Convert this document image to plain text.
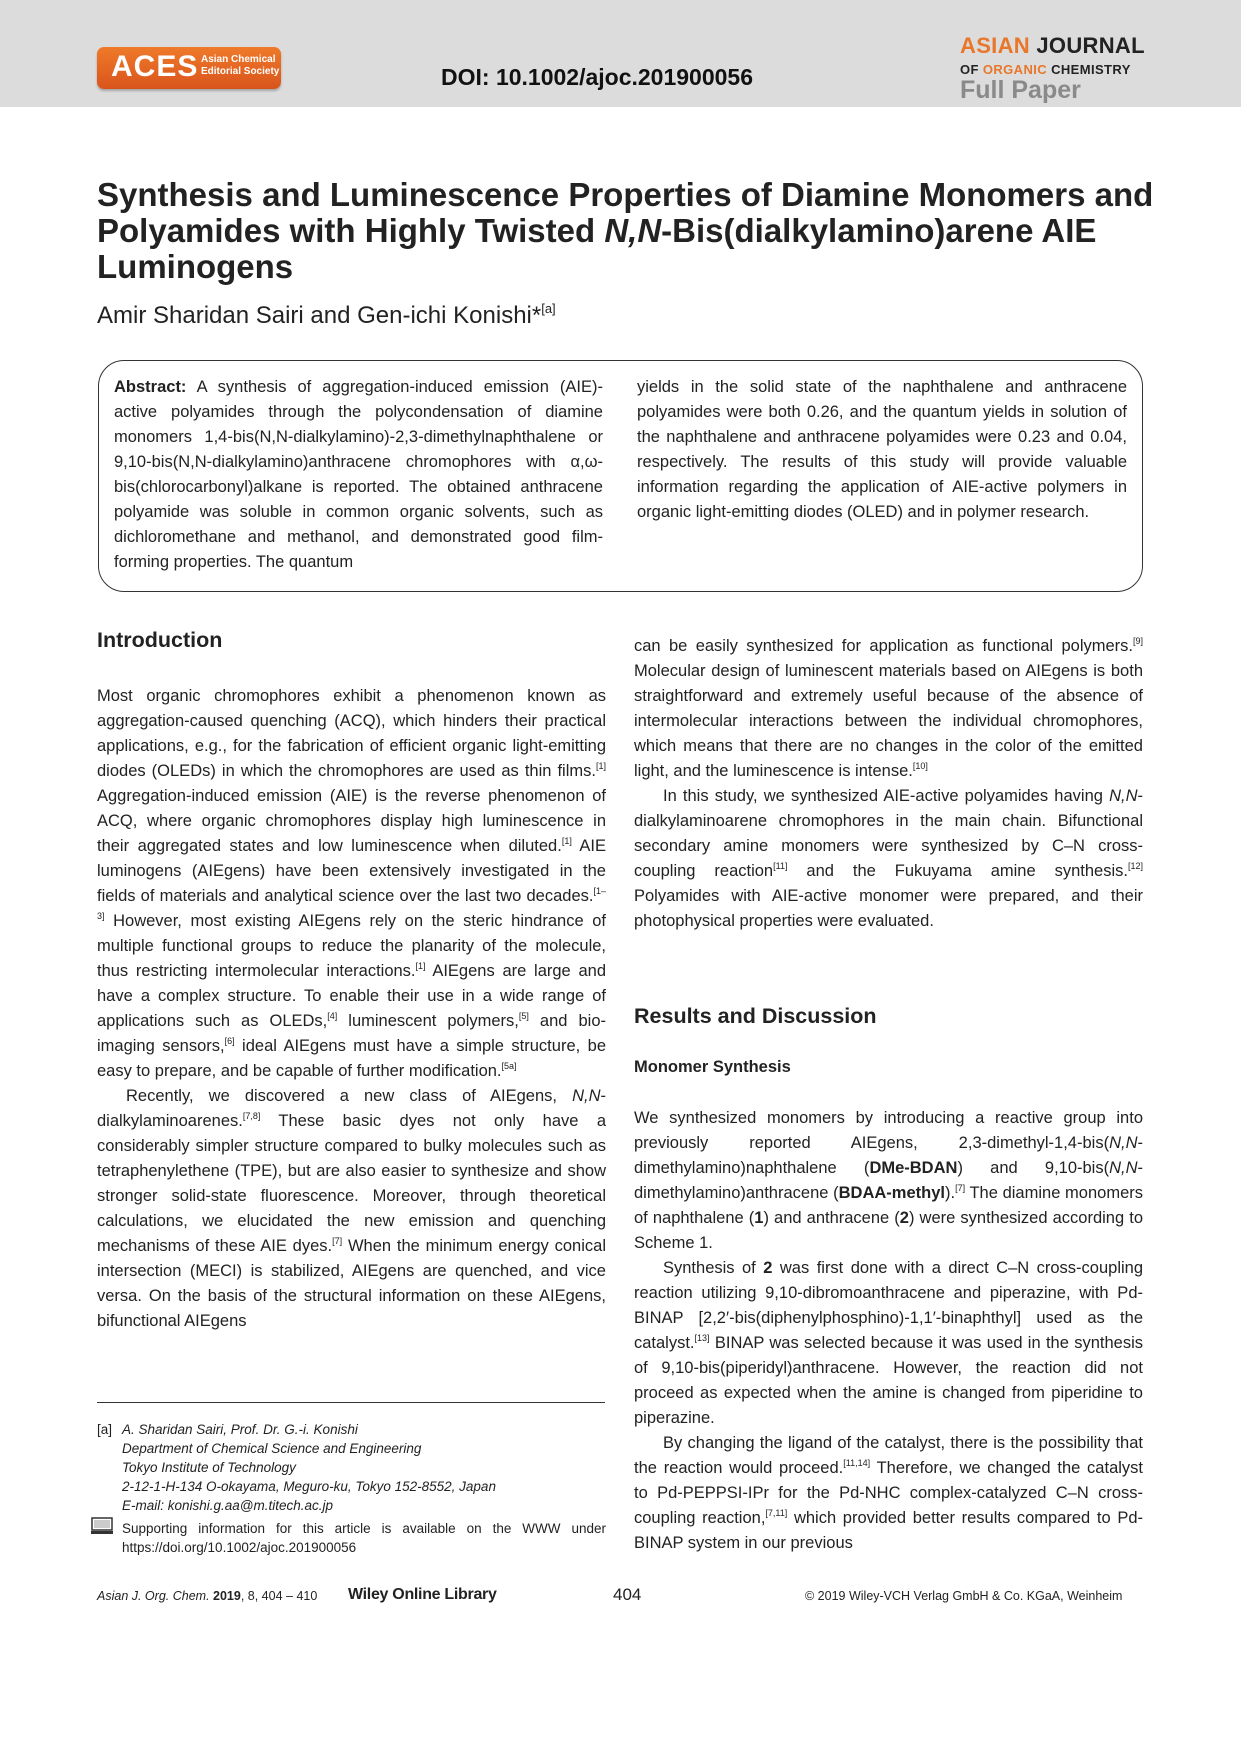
ACES Asian Chemical
Editorial Society	DOI: 10.1002/ajoc.201900056
ASIAN JOURNAL
OF ORGANIC CHEMISTRY
Full Paper
Synthesis and Luminescence Properties of Diamine Monomers and
Polyamides with Highly Twisted N,N-Bis(dialkylamino)arene AIE
Luminogens
Amir Sharidan Sairi and Gen-ichi Konishi*[a]
Abstract: A synthesis of aggregation-induced emission (AIE)-active polyamides through the polycondensation of diamine monomers 1,4-bis(N,N-dialkylamino)-2,3-dimethylnaphthalene or 9,10-bis(N,N-dialkylamino)anthracene chromophores with α,ω-bis(chlorocarbonyl)alkane is reported. The obtained anthracene polyamide was soluble in common organic solvents, such as dichloromethane and methanol, and demonstrated good film-forming properties. The quantum
yields in the solid state of the naphthalene and anthracene polyamides were both 0.26, and the quantum yields in solution of the naphthalene and anthracene polyamides were 0.23 and 0.04, respectively. The results of this study will provide valuable information regarding the application of AIE-active polymers in organic light-emitting diodes (OLED) and in polymer research.
Introduction

Most organic chromophores exhibit a phenomenon known as aggregation-caused quenching (ACQ), which hinders their practical applications, e.g., for the fabrication of efficient organic light-emitting diodes (OLEDs) in which the chromophores are used as thin films.[1] Aggregation-induced emission (AIE) is the reverse phenomenon of ACQ, where organic chromophores display high luminescence in their aggregated states and low luminescence when diluted.[1] AIE luminogens (AIEgens) have been extensively investigated in the fields of materials and analytical science over the last two decades.[1–3] However, most existing AIEgens rely on the steric hindrance of multiple functional groups to reduce the planarity of the molecule, thus restricting intermolecular interactions.[1] AIEgens are large and have a complex structure. To enable their use in a wide range of applications such as OLEDs,[4] luminescent polymers,[5] and bio-imaging sensors,[6] ideal AIEgens must have a simple structure, be easy to prepare, and be capable of further modification.[5a]

Recently, we discovered a new class of AIEgens, N,N-dialkylaminoarenes.[7,8] These basic dyes not only have a considerably simpler structure compared to bulky molecules such as tetraphenylethene (TPE), but are also easier to synthesize and show stronger solid-state fluorescence. Moreover, through theoretical calculations, we elucidated the new emission and quenching mechanisms of these AIE dyes.[7] When the minimum energy conical intersection (MECI) is stabilized, AIEgens are quenched, and vice versa. On the basis of the structural information on these AIEgens, bifunctional AIEgens

can be easily synthesized for application as functional polymers.[9] Molecular design of luminescent materials based on AIEgens is both straightforward and extremely useful because of the absence of intermolecular interactions between the individual chromophores, which means that there are no changes in the color of the emitted light, and the luminescence is intense.[10]

In this study, we synthesized AIE-active polyamides having N,N-dialkylaminoarene chromophores in the main chain. Bifunctional secondary amine monomers were synthesized by C–N cross-coupling reaction[11] and the Fukuyama amine synthesis.[12] Polyamides with AIE-active monomer were prepared, and their photophysical properties were evaluated.

Results and Discussion
Monomer Synthesis

We synthesized monomers by introducing a reactive group into previously reported AIEgens, 2,3-dimethyl-1,4-bis(N,N-dimethylamino)naphthalene (DMe-BDAN) and 9,10-bis(N,N-dimethylamino)anthracene (BDAA-methyl).[7] The diamine monomers of naphthalene (1) and anthracene (2) were synthesized according to Scheme 1.

Synthesis of 2 was first done with a direct C–N cross-coupling reaction utilizing 9,10-dibromoanthracene and piperazine, with Pd-BINAP [2,2′-bis(diphenylphosphino)-1,1′-binaphthyl] used as the catalyst.[13] BINAP was selected because it was used in the synthesis of 9,10-bis(piperidyl)anthracene. However, the reaction did not proceed as expected when the amine is changed from piperidine to piperazine.

By changing the ligand of the catalyst, there is the possibility that the reaction would proceed.[11,14] Therefore, we changed the catalyst to Pd-PEPPSI-IPr for the Pd-NHC complex-catalyzed C–N cross-coupling reaction,[7,11] which provided better results compared to Pd-BINAP system in our previous

[a] A. Sharidan Sairi, Prof. Dr. G.-i. Konishi
Department of Chemical Science and Engineering
Tokyo Institute of Technology
2-12-1-H-134 O-okayama, Meguro-ku, Tokyo 152-8552, Japan
E-mail: konishi.g.aa@m.titech.ac.jp
Supporting information for this article is available on the WWW under https://doi.org/10.1002/ajoc.201900056
Asian J. Org. Chem. 2019, 8, 404 – 410 Wiley Online Library	404	© 2019 Wiley-VCH Verlag GmbH & Co. KGaA, Weinheim
